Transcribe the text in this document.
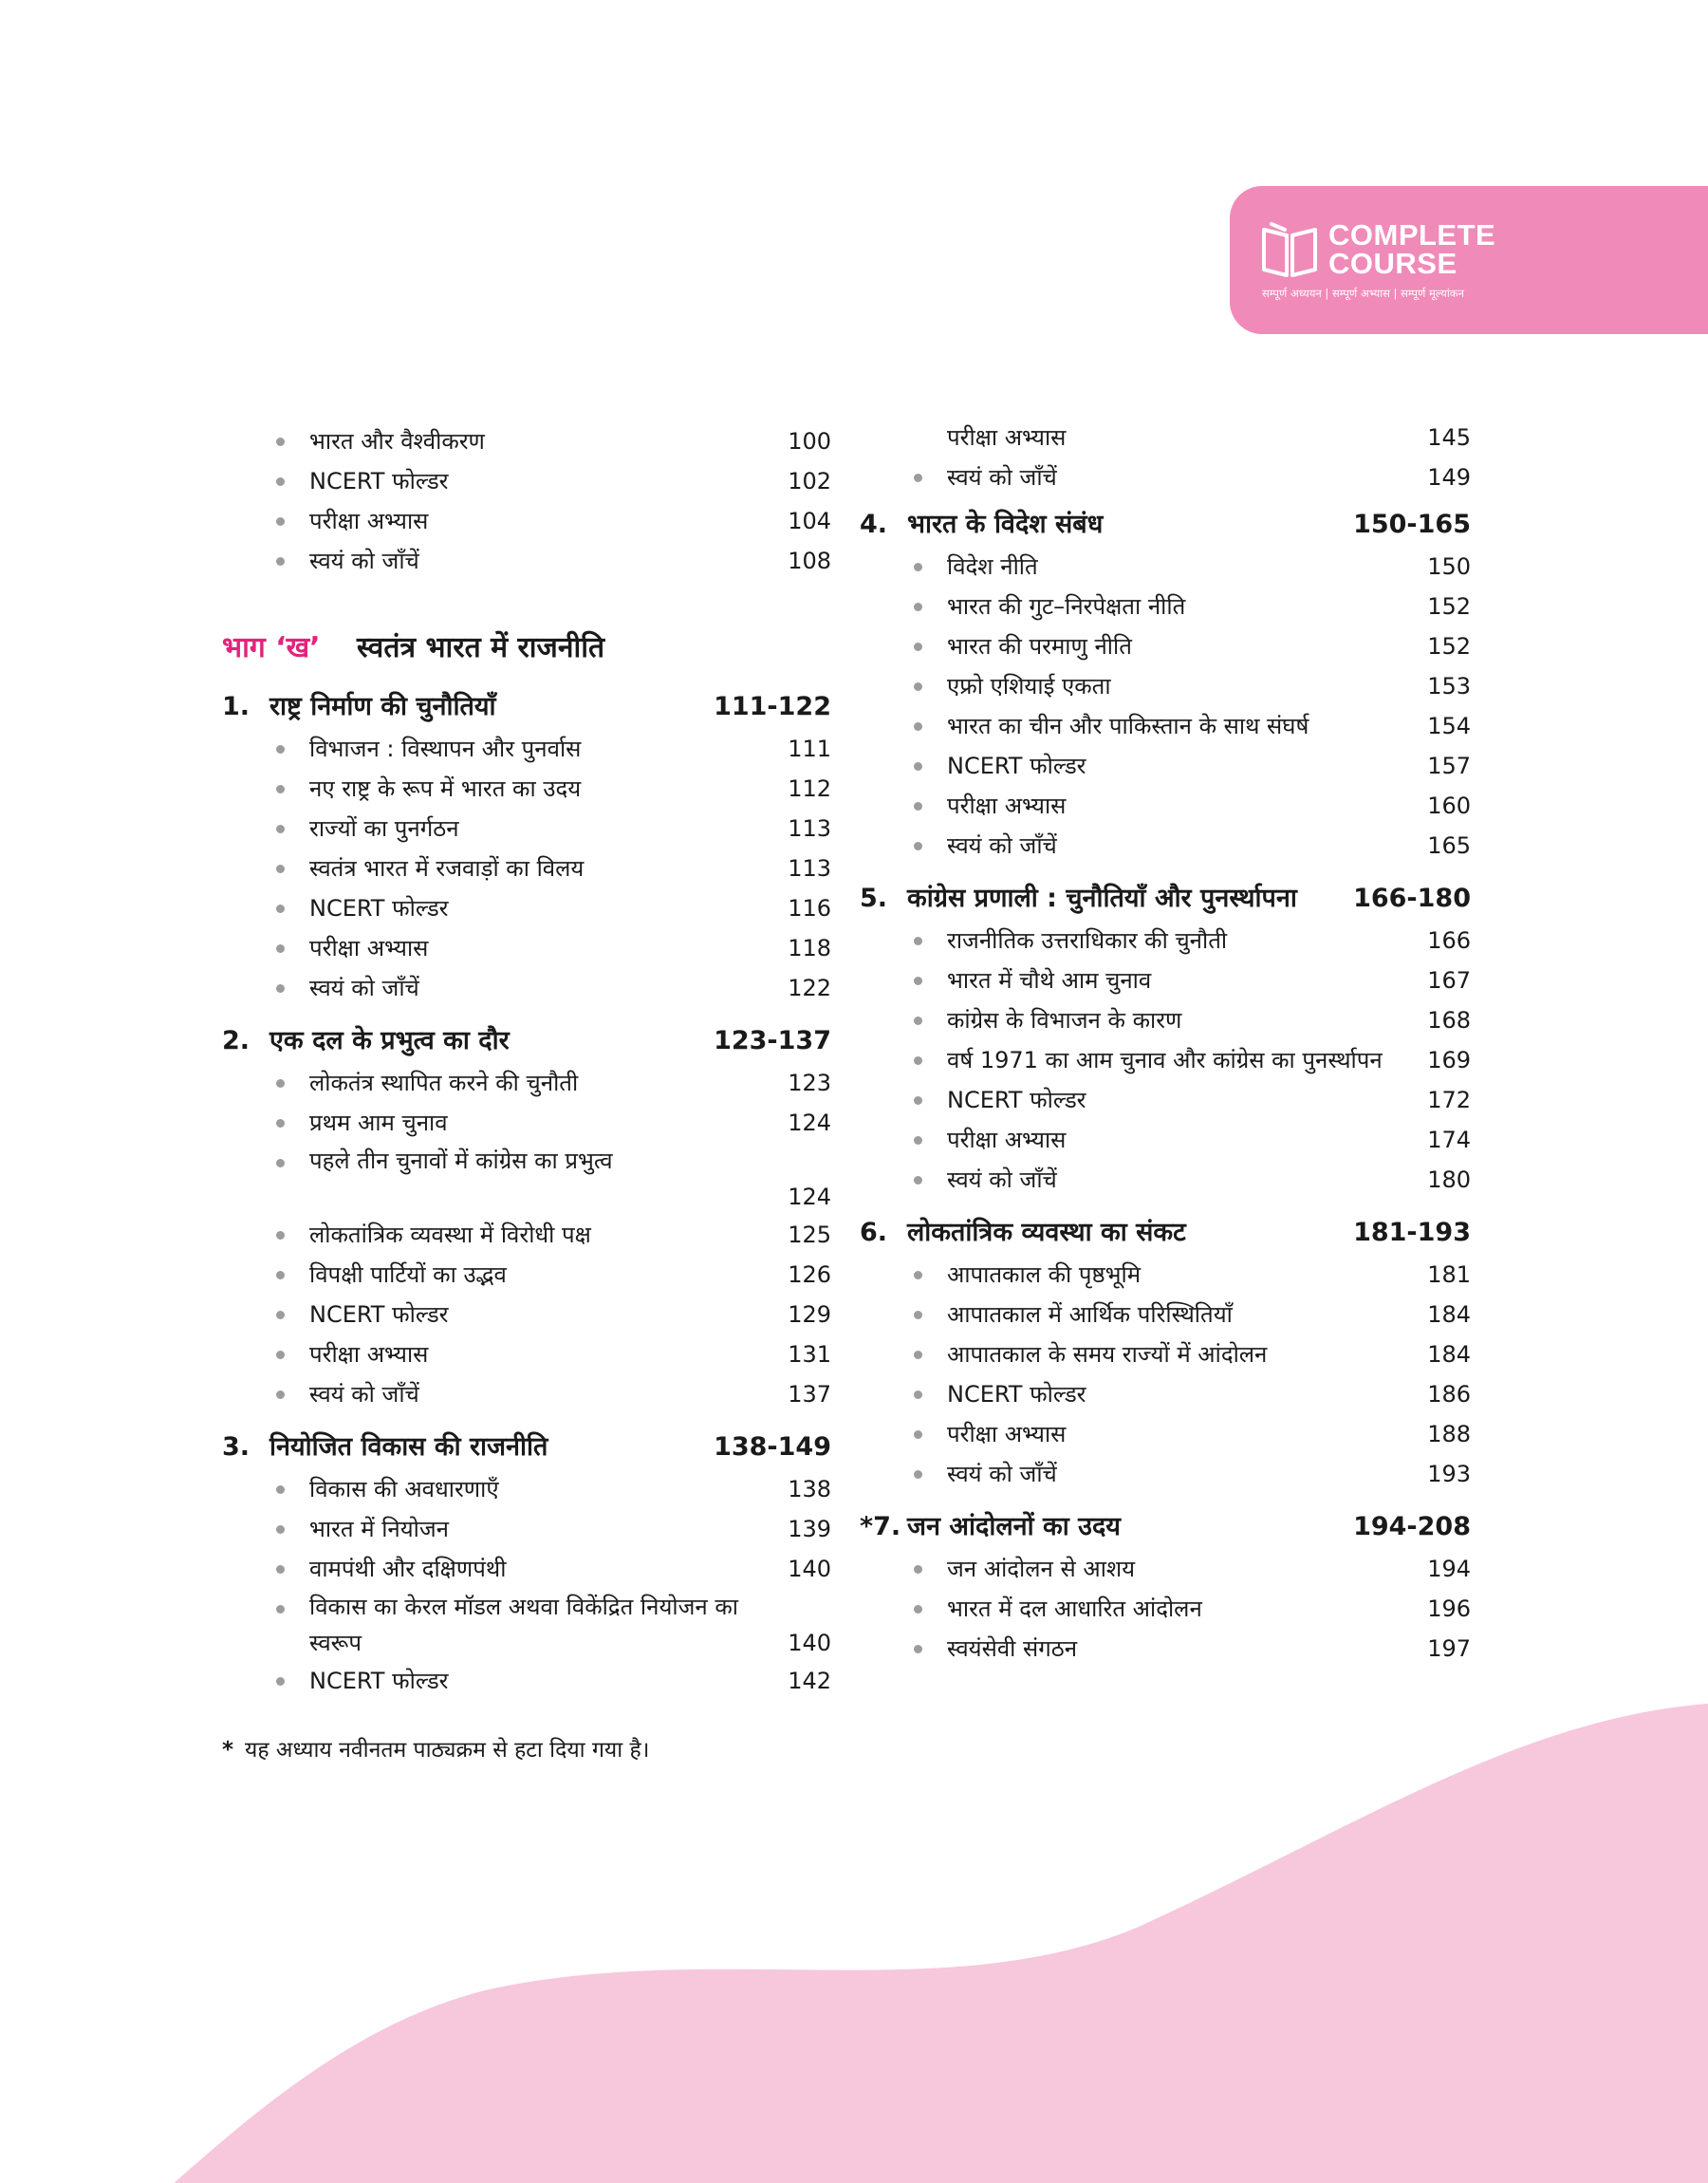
COMPLETE
COURSE
सम्पूर्ण अध्ययन | सम्पूर्ण अभ्यास | सम्पूर्ण मूल्यांकन
भारत और वैश्वीकरण	100
NCERT फोल्डर	102
परीक्षा अभ्यास	104
स्वयं को जाँचें	108
भाग ‘ख’ स्वतंत्र भारत में राजनीति
1. राष्ट्र निर्माण की चुनौतियाँ	111-122
विभाजन : विस्थापन और पुनर्वास	111
नए राष्ट्र के रूप में भारत का उदय	112
राज्यों का पुनर्गठन	113
स्वतंत्र भारत में रजवाड़ों का विलय	113
NCERT फोल्डर	116
परीक्षा अभ्यास	118
स्वयं को जाँचें	122
2. एक दल के प्रभुत्व का दौर	123-137
लोकतंत्र स्थापित करने की चुनौती	123
प्रथम आम चुनाव	124
पहले तीन चुनावों में कांग्रेस का प्रभुत्व
124
लोकतांत्रिक व्यवस्था में विरोधी पक्ष	125
विपक्षी पार्टियों का उद्भव	126
NCERT फोल्डर	129
परीक्षा अभ्यास	131
स्वयं को जाँचें	137
3. नियोजित विकास की राजनीति	138-149
विकास की अवधारणाएँ	138
भारत में नियोजन	139
वामपंथी और दक्षिणपंथी	140
विकास का केरल मॉडल अथवा विकेंद्रित नियोजन का स्वरूप	140
NCERT फोल्डर	142
परीक्षा अभ्यास	145
स्वयं को जाँचें	149
4. भारत के विदेश संबंध	150-165
विदेश नीति	150
भारत की गुट–निरपेक्षता नीति	152
भारत की परमाणु नीति	152
एफ्रो एशियाई एकता	153
भारत का चीन और पाकिस्तान के साथ संघर्ष	154
NCERT फोल्डर	157
परीक्षा अभ्यास	160
स्वयं को जाँचें	165
5. कांग्रेस प्रणाली : चुनौतियाँ और पुनर्स्थापना 166-180
राजनीतिक उत्तराधिकार की चुनौती	166
भारत में चौथे आम चुनाव	167
कांग्रेस के विभाजन के कारण	168
वर्ष 1971 का आम चुनाव और कांग्रेस का पुनर्स्थापन 169
NCERT फोल्डर	172
परीक्षा अभ्यास	174
स्वयं को जाँचें	180
6. लोकतांत्रिक व्यवस्था का संकट	181-193
आपातकाल की पृष्ठभूमि	181
आपातकाल में आर्थिक परिस्थितियाँ	184
आपातकाल के समय राज्यों में आंदोलन	184
NCERT फोल्डर	186
परीक्षा अभ्यास	188
स्वयं को जाँचें	193
*7. जन आंदोलनों का उदय	194-208
जन आंदोलन से आशय	194
भारत में दल आधारित आंदोलन	196
स्वयंसेवी संगठन	197
* यह अध्याय नवीनतम पाठ्यक्रम से हटा दिया गया है।
